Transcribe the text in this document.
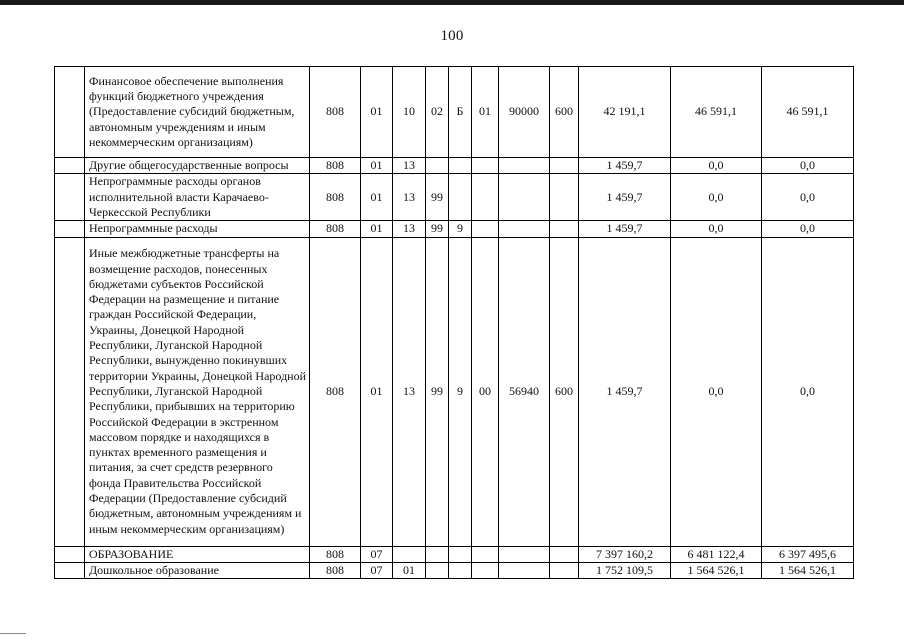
100
	Финансовое обеспечение выполнения функций бюджетного учреждения (Предоставление субсидий бюджетным, автономным учреждениям и иным некоммерческим организациям)	808	01	10	02	Б	01	90000	600	42 191,1	46 591,1	46 591,1
	Другие общегосударственные вопросы	808	01	13						1 459,7	0,0	0,0
	Непрограммные расходы органов исполнительной власти Карачаево-Черкесской Республики	808	01	13	99					1 459,7	0,0	0,0
	Непрограммные расходы	808	01	13	99	9				1 459,7	0,0	0,0
	Иные межбюджетные трансферты на возмещение расходов, понесенных бюджетами субъектов Российской Федерации на размещение и питание граждан Российской Федерации, Украины, Донецкой Народной Республики, Луганской Народной Республики, вынужденно покинувших территории Украины, Донецкой Народной Республики, Луганской Народной Республики, прибывших на территорию Российской Федерации в экстренном массовом порядке и находящихся в пунктах временного размещения и питания, за счет средств резервного фонда Правительства Российской Федерации (Предоставление субсидий бюджетным, автономным учреждениям и иным некоммерческим организациям)	808	01	13	99	9	00	56940	600	1 459,7	0,0	0,0
	ОБРАЗОВАНИЕ	808	07							7 397 160,2	6 481 122,4	6 397 495,6
	Дошкольное образование	808	07	01						1 752 109,5	1 564 526,1	1 564 526,1
